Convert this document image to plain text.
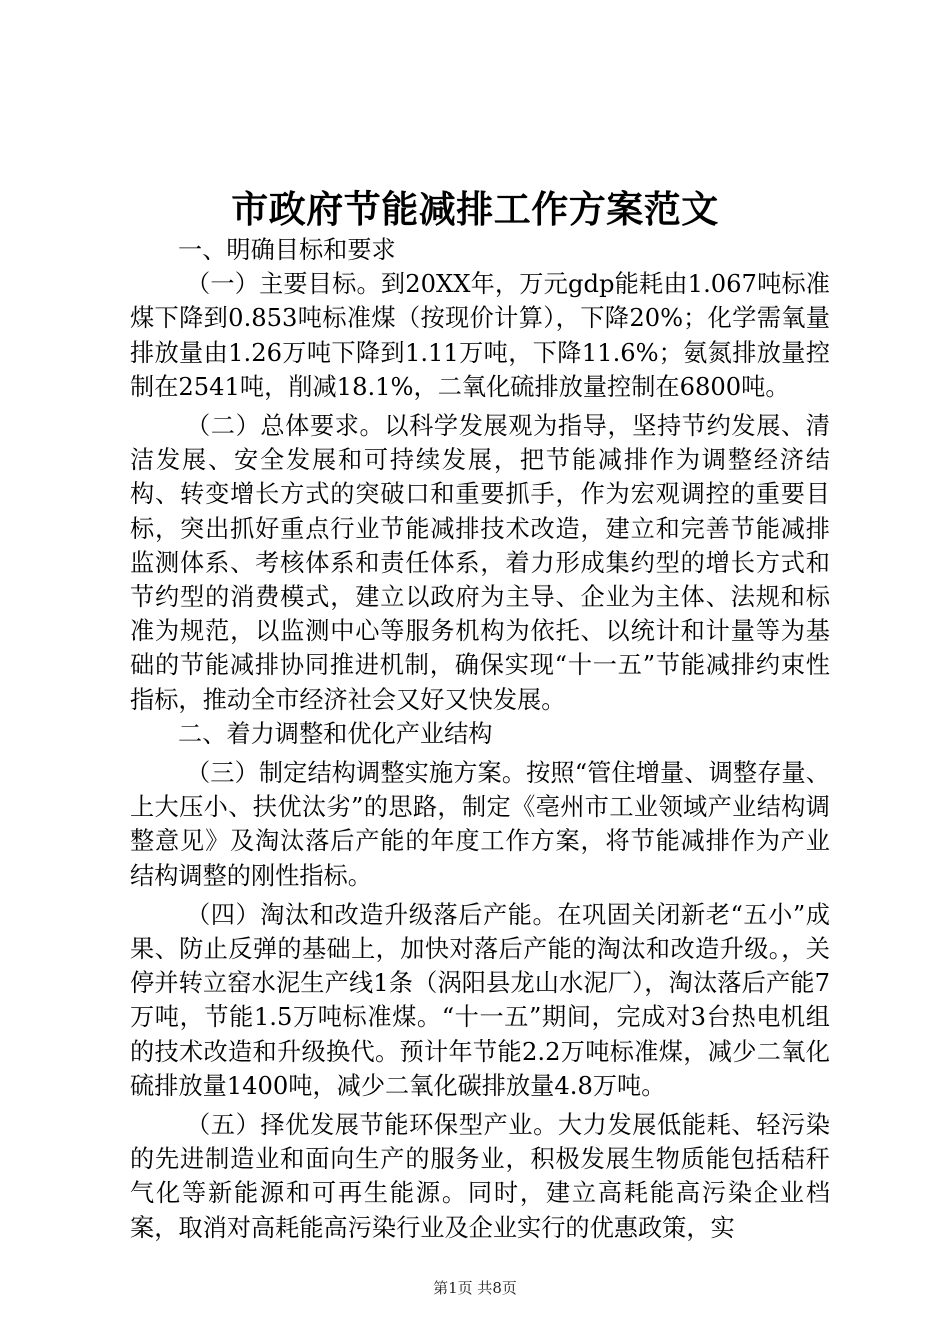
市政府节能减排工作方案范文

一、明确目标和要求

（一）主要目标。到20XX年，万元gdp能耗由1.067吨标准煤下降到0.853吨标准煤（按现价计算），下降20%；化学需氧量排放量由1.26万吨下降到1.11万吨，下降11.6%；氨氮排放量控制在2541吨，削减18.1%，二氧化硫排放量控制在6800吨。

（二）总体要求。以科学发展观为指导，坚持节约发展、清洁发展、安全发展和可持续发展，把节能减排作为调整经济结构、转变增长方式的突破口和重要抓手，作为宏观调控的重要目标，突出抓好重点行业节能减排技术改造，建立和完善节能减排监测体系、考核体系和责任体系，着力形成集约型的增长方式和节约型的消费模式，建立以政府为主导、企业为主体、法规和标准为规范，以监测中心等服务机构为依托、以统计和计量等为基础的节能减排协同推进机制，确保实现“十一五”节能减排约束性指标，推动全市经济社会又好又快发展。

二、着力调整和优化产业结构

（三）制定结构调整实施方案。按照“管住增量、调整存量、上大压小、扶优汰劣”的思路，制定《亳州市工业领域产业结构调整意见》及淘汰落后产能的年度工作方案，将节能减排作为产业结构调整的刚性指标。

（四）淘汰和改造升级落后产能。在巩固关闭新老“五小”成果、防止反弹的基础上，加快对落后产能的淘汰和改造升级。，关停并转立窑水泥生产线1条（涡阳县龙山水泥厂），淘汰落后产能7万吨，节能1.5万吨标准煤。“十一五”期间，完成对3台热电机组的技术改造和升级换代。预计年节能2.2万吨标准煤，减少二氧化硫排放量1400吨，减少二氧化碳排放量4.8万吨。

（五）择优发展节能环保型产业。大力发展低能耗、轻污染的先进制造业和面向生产的服务业，积极发展生物质能包括秸秆气化等新能源和可再生能源。同时，建立高耗能高污染企业档案，取消对高耗能高污染行业及企业实行的优惠政策，实

第1页 共8页
